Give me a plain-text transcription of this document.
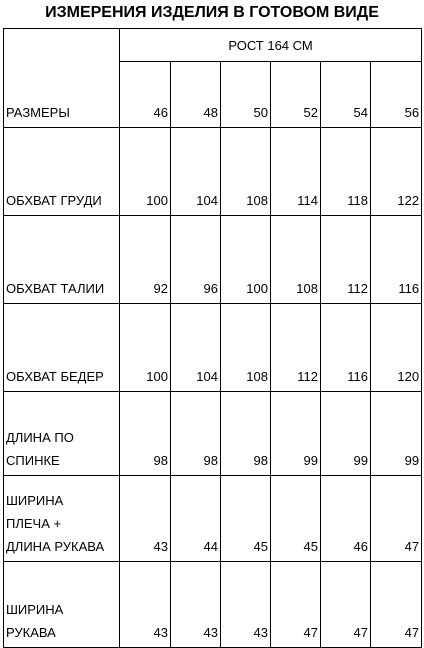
ИЗМЕРЕНИЯ ИЗДЕЛИЯ В ГОТОВОМ ВИДЕ
	РОСТ 164 СМ					

РАЗМЕРЫ	46	48	50	52	54	56

ОБХВАТ ГРУДИ	100	104	108	114	118	122

ОБХВАТ ТАЛИИ	92	96	100	108	112	116

ОБХВАТ БЕДЕР	100	104	108	112	116	120

ДЛИНА ПО
СПИНКЕ	98	98	98	99	99	99

ШИРИНА
ПЛЕЧА +
ДЛИНА РУКАВА	43	44	45	45	46	47

ШИРИНА
РУКАВА	43	43	43	47	47	47
